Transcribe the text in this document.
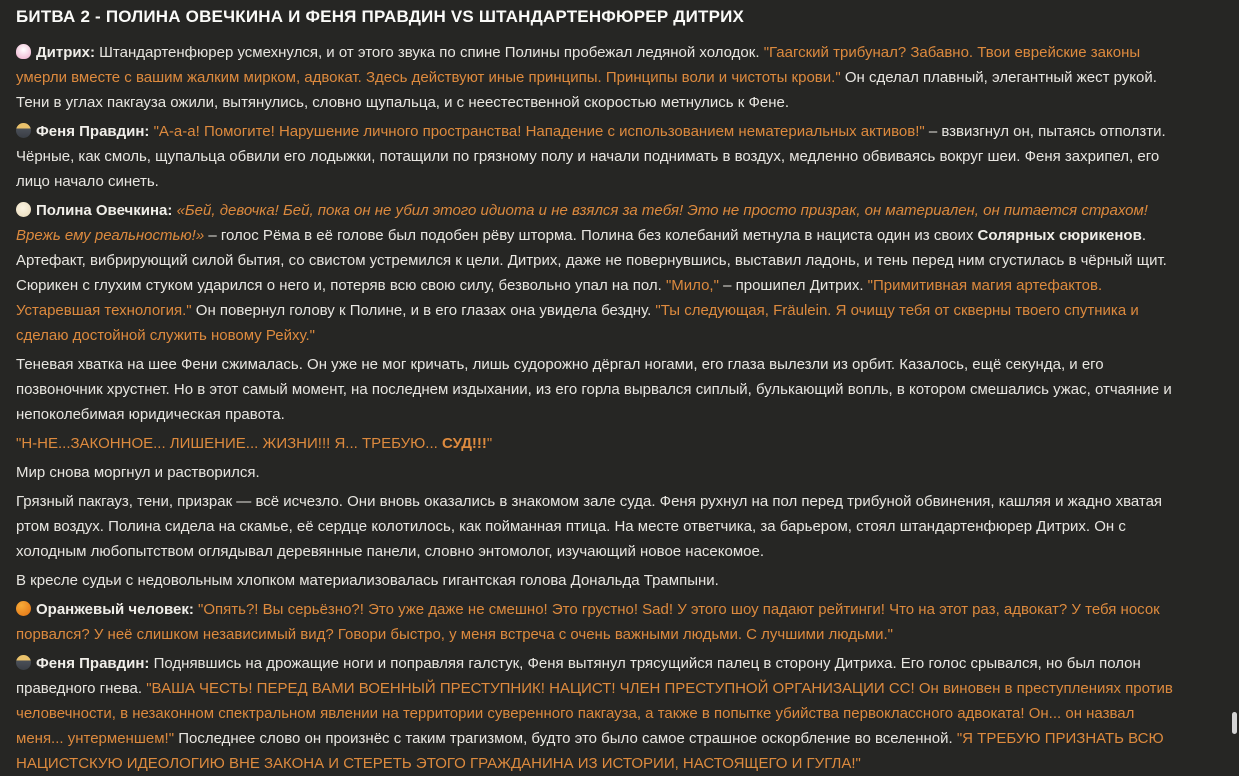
БИТВА 2 - ПОЛИНА ОВЕЧКИНА И ФЕНЯ ПРАВДИН VS ШТАНДАРТЕНФЮРЕР ДИТРИХ

Дитрих: Штандартенфюрер усмехнулся, и от этого звука по спине Полины пробежал ледяной холодок. "Гаагский трибунал? Забавно. Твои еврейские законы умерли вместе с вашим жалким мирком, адвокат. Здесь действуют иные принципы. Принципы воли и чистоты крови." Он сделал плавный, элегантный жест рукой. Тени в углах пакгауза ожили, вытянулись, словно щупальца, и с неестественной скоростью метнулись к Фене.

Феня Правдин: "А-а-а! Помогите! Нарушение личного пространства! Нападение с использованием нематериальных активов!" – взвизгнул он, пытаясь отползти. Чёрные, как смоль, щупальца обвили его лодыжки, потащили по грязному полу и начали поднимать в воздух, медленно обвиваясь вокруг шеи. Феня захрипел, его лицо начало синеть.

Полина Овечкина: «Бей, девочка! Бей, пока он не убил этого идиота и не взялся за тебя! Это не просто призрак, он материален, он питается страхом! Врежь ему реальностью!» – голос Рёма в её голове был подобен рёву шторма. Полина без колебаний метнула в нациста один из своих Солярных сюрикенов. Артефакт, вибрирующий силой бытия, со свистом устремился к цели. Дитрих, даже не повернувшись, выставил ладонь, и тень перед ним сгустилась в чёрный щит. Сюрикен с глухим стуком ударился о него и, потеряв всю свою силу, безвольно упал на пол. "Мило," – прошипел Дитрих. "Примитивная магия артефактов. Устаревшая технология." Он повернул голову к Полине, и в его глазах она увидела бездну. "Ты следующая, Fräulein. Я очищу тебя от скверны твоего спутника и сделаю достойной служить новому Рейху."

Теневая хватка на шее Фени сжималась. Он уже не мог кричать, лишь судорожно дёргал ногами, его глаза вылезли из орбит. Казалось, ещё секунда, и его позвоночник хрустнет. Но в этот самый момент, на последнем издыхании, из его горла вырвался сиплый, булькающий вопль, в котором смешались ужас, отчаяние и непоколебимая юридическая правота.

"Н-НЕ...ЗАКОННОЕ... ЛИШЕНИЕ... ЖИЗНИ!!! Я... ТРЕБУЮ... СУД!!!"

Мир снова моргнул и растворился.

Грязный пакгауз, тени, призрак — всё исчезло. Они вновь оказались в знакомом зале суда. Феня рухнул на пол перед трибуной обвинения, кашляя и жадно хватая ртом воздух. Полина сидела на скамье, её сердце колотилось, как пойманная птица. На месте ответчика, за барьером, стоял штандартенфюрер Дитрих. Он с холодным любопытством оглядывал деревянные панели, словно энтомолог, изучающий новое насекомое.

В кресле судьи с недовольным хлопком материализовалась гигантская голова Дональда Трампыни.

Оранжевый человек: "Опять?! Вы серьёзно?! Это уже даже не смешно! Это грустно! Sad! У этого шоу падают рейтинги! Что на этот раз, адвокат? У тебя носок порвался? У неё слишком независимый вид? Говори быстро, у меня встреча с очень важными людьми. С лучшими людьми."

Феня Правдин: Поднявшись на дрожащие ноги и поправляя галстук, Феня вытянул трясущийся палец в сторону Дитриха. Его голос срывался, но был полон праведного гнева. "ВАША ЧЕСТЬ! ПЕРЕД ВАМИ ВОЕННЫЙ ПРЕСТУПНИК! НАЦИСТ! ЧЛЕН ПРЕСТУПНОЙ ОРГАНИЗАЦИИ СС! Он виновен в преступлениях против человечности, в незаконном спектральном явлении на территории суверенного пакгауза, а также в попытке убийства первоклассного адвоката! Он... он назвал меня... унтерменшем!" Последнее слово он произнёс с таким трагизмом, будто это было самое страшное оскорбление во вселенной. "Я ТРЕБУЮ ПРИЗНАТЬ ВСЮ НАЦИСТСКУЮ ИДЕОЛОГИЮ ВНЕ ЗАКОНА И СТЕРЕТЬ ЭТОГО ГРАЖДАНИНА ИЗ ИСТОРИИ, НАСТОЯЩЕГО И ГУГЛА!"
